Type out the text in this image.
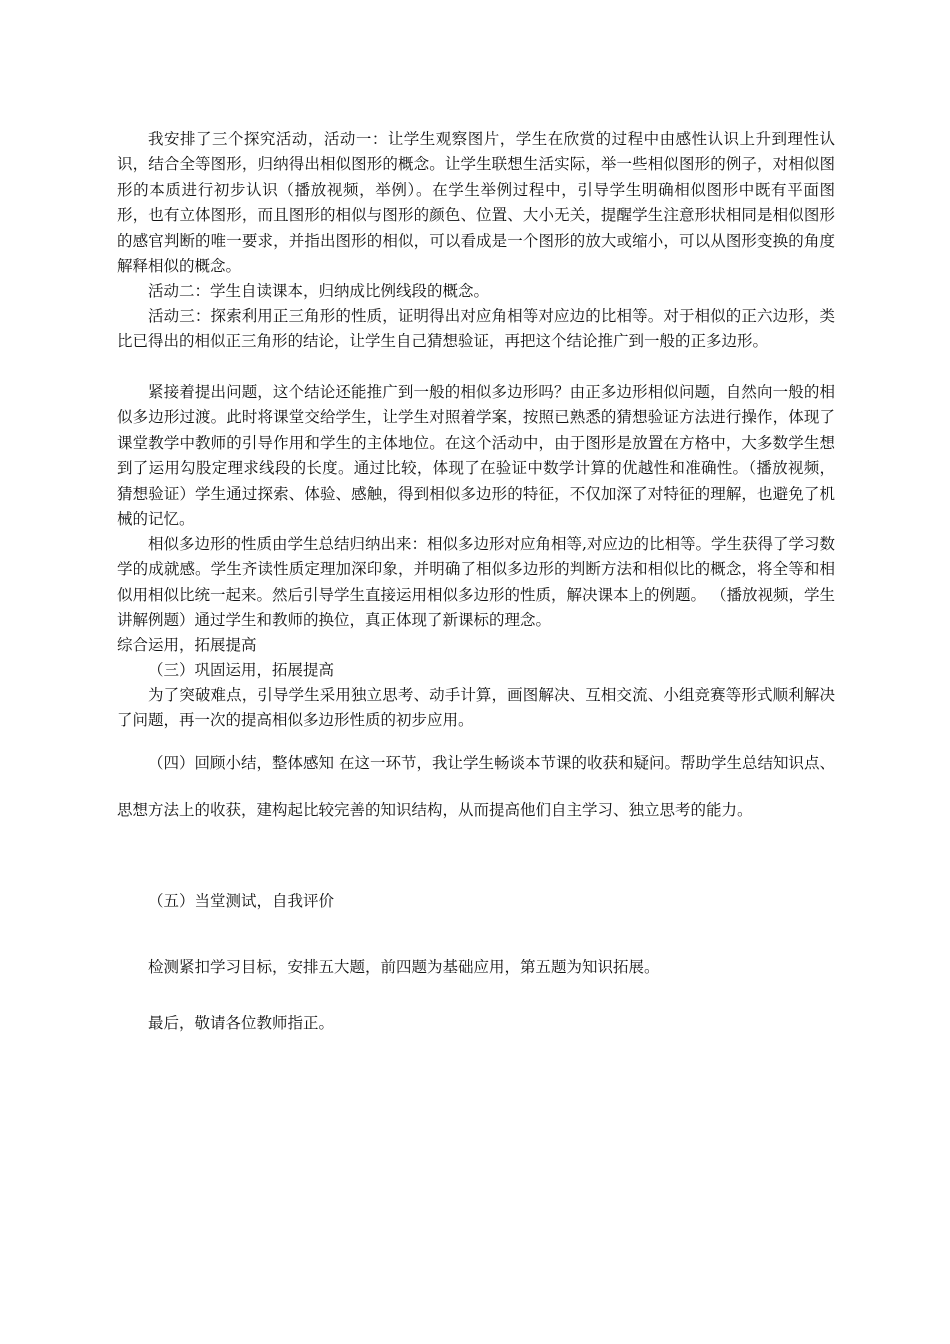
我安排了三个探究活动，活动一：让学生观察图片，学生在欣赏的过程中由感性认识上升到理性认识，结合全等图形，归纳得出相似图形的概念。让学生联想生活实际，举一些相似图形的例子，对相似图形的本质进行初步认识（播放视频，举例）。在学生举例过程中，引导学生明确相似图形中既有平面图形，也有立体图形，而且图形的相似与图形的颜色、位置、大小无关，提醒学生注意形状相同是相似图形的感官判断的唯一要求，并指出图形的相似，可以看成是一个图形的放大或缩小，可以从图形变换的角度解释相似的概念。

活动二：学生自读课本，归纳成比例线段的概念。

活动三：探索利用正三角形的性质，证明得出对应角相等对应边的比相等。对于相似的正六边形，类比已得出的相似正三角形的结论，让学生自己猜想验证，再把这个结论推广到一般的正多边形。

紧接着提出问题，这个结论还能推广到一般的相似多边形吗？由正多边形相似问题，自然向一般的相似多边形过渡。此时将课堂交给学生，让学生对照着学案，按照已熟悉的猜想验证方法进行操作，体现了课堂教学中教师的引导作用和学生的主体地位。在这个活动中，由于图形是放置在方格中，大多数学生想到了运用勾股定理求线段的长度。通过比较，体现了在验证中数学计算的优越性和准确性。（播放视频，猜想验证）学生通过探索、体验、感触，得到相似多边形的特征，不仅加深了对特征的理解，也避免了机械的记忆。

相似多边形的性质由学生总结归纳出来：相似多边形对应角相等,对应边的比相等。学生获得了学习数学的成就感。学生齐读性质定理加深印象，并明确了相似多边形的判断方法和相似比的概念，将全等和相似用相似比统一起来。然后引导学生直接运用相似多边形的性质，解决课本上的例题。 （播放视频，学生讲解例题）通过学生和教师的换位，真正体现了新课标的理念。

综合运用，拓展提高

（三）巩固运用，拓展提高

为了突破难点，引导学生采用独立思考、动手计算，画图解决、互相交流、小组竞赛等形式顺利解决了问题，再一次的提高相似多边形性质的初步应用。

（四）回顾小结，整体感知 在这一环节，我让学生畅谈本节课的收获和疑问。帮助学生总结知识点、思想方法上的收获，建构起比较完善的知识结构，从而提高他们自主学习、独立思考的能力。

（五）当堂测试，自我评价

检测紧扣学习目标，安排五大题，前四题为基础应用，第五题为知识拓展。

最后，敬请各位教师指正。
